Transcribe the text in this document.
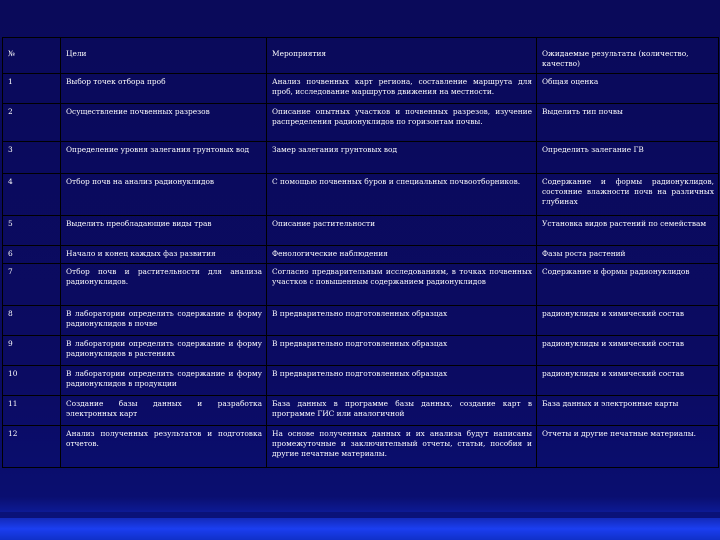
№	Цели	Мероприятия	Ожидаемые результаты (количество, качество)
1	Выбор точек отбора проб	Анализ почвенных карт региона, составление маршрута для проб, исследование маршрутов движения на местности.	Общая оценка
2	Осуществление почвенных разрезов	Описание опытных участков и почвенных разрезов, изучение распределения радионуклидов по горизонтам почвы.	Выделить тип почвы
3	Определение уровня залегания грунтовых вод	Замер залегания грунтовых вод	Определить залегание ГВ
4	Отбор почв на анализ радионуклидов	С помощью почвенных буров и специальных почвоотборников.	Содержание и формы радионуклидов, состояние влажности почв на различных глубинах
5	Выделить преобладающие виды трав	Описание растительности	Установка видов растений по семействам
6	Начало и конец каждых фаз развития	Фенологические наблюдения	Фазы роста растений
7	Отбор почв и растительности для анализа радионуклидов.	Согласно предварительным исследованиям, в точках почвенных участков с повышенным содержанием радионуклидов	Содержание и формы радионуклидов
8	В лаборатории определить содержание и форму радионуклидов в почве	В предварительно подготовленных образцах	радионуклиды и химический состав
9	В лаборатории определить содержание и форму радионуклидов в растениях	В предварительно подготовленных образцах	радионуклиды и химический состав
10	В лаборатории определить содержание и форму радионуклидов в продукции	В предварительно подготовленных образцах	радионуклиды и химический состав
11	Создание базы данных и разработка электронных карт	База данных в программе базы данных, создание карт в программе ГИС или аналогичной	База данных и электронные карты
12	Анализ полученных результатов и подготовка отчетов.	На основе полученных данных и их анализа будут написаны промежуточные и заключительный отчеты, статьи, пособия и другие печатные материалы.	Отчеты и другие печатные материалы.
